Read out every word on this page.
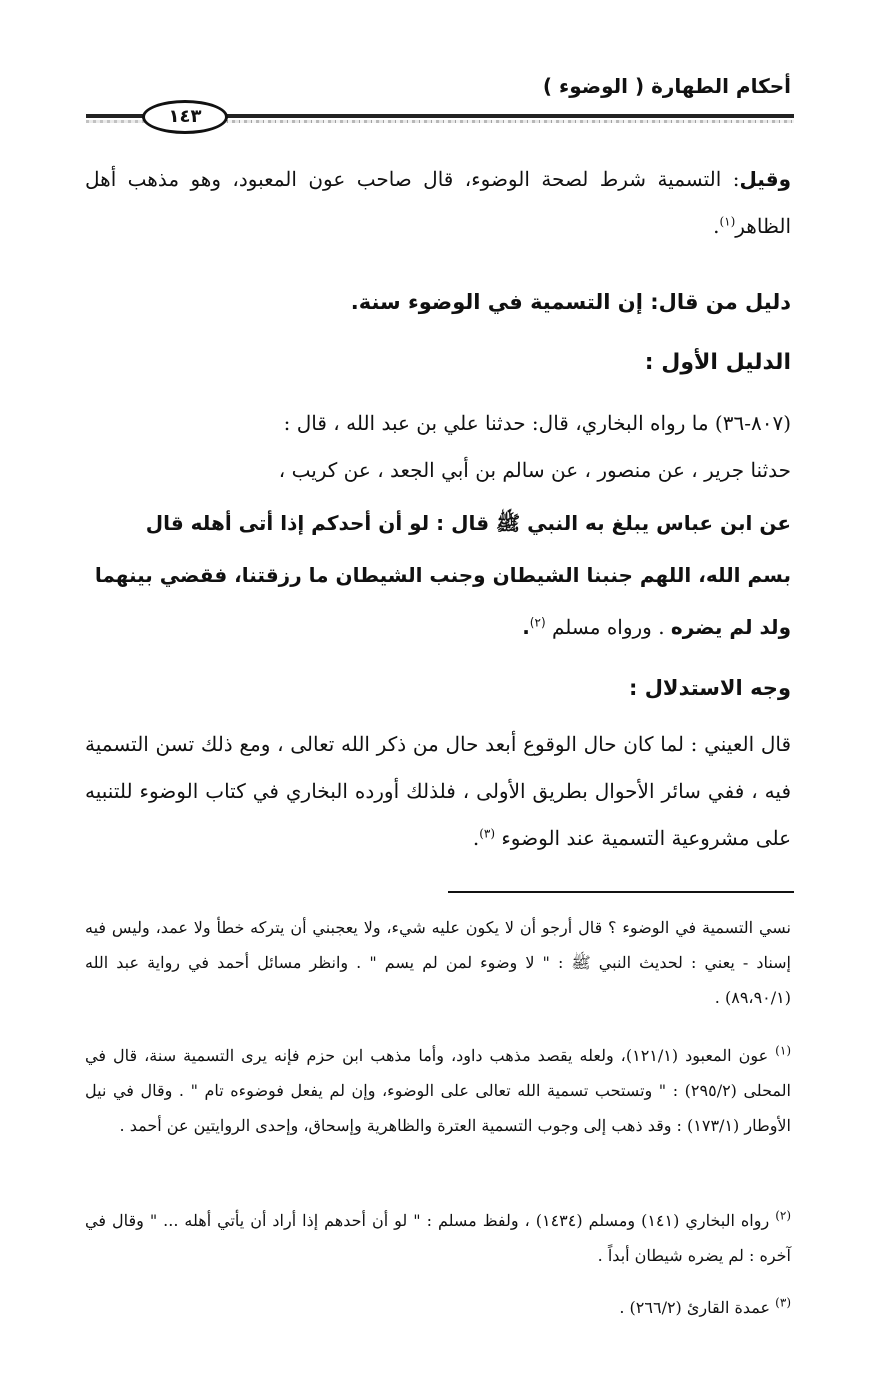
أحكام الطهارة ( الوضوء )
١٤٣
وقيل: التسمية شرط لصحة الوضوء، قال صاحب عون المعبود، وهو مذهب أهل الظاهر$^{(١)}$.
دليل من قال: إن التسمية في الوضوء سنة.
الدليل الأول :
(٨٠٧-٣٦) ما رواه البخاري، قال: حدثنا علي بن عبد الله ، قال :
حدثنا جرير ، عن منصور ، عن سالم بن أبي الجعد ، عن كريب ،
عن ابن عباس يبلغ به النبي ﷺ قال : لو أن أحدكم إذا أتى أهله قال
بسم الله، اللهم جنبنا الشيطان وجنب الشيطان ما رزقتنا، فقضي بينهما
ولد لم يضره . ورواه مسلم $^{(٢)}$.
وجه الاستدلال :
قال العيني : لما كان حال الوقوع أبعد حال من ذكر الله تعالى ، ومع ذلك تسن التسمية فيه ، ففي سائر الأحوال بطريق الأولى ، فلذلك أورده البخاري في كتاب الوضوء للتنبيه على مشروعية التسمية عند الوضوء $^{(٣)}$.
نسي التسمية في الوضوء ؟ قال أرجو أن لا يكون عليه شيء، ولا يعجبني أن يتركه خطأ ولا عمد، وليس فيه إسناد - يعني : لحديث النبي ﷺ : " لا وضوء لمن لم يسم " . وانظر مسائل أحمد في رواية عبد الله (٨٩،٩٠/١) .
$^{(١)}$ عون المعبود (١٢١/١)، ولعله يقصد مذهب داود، وأما مذهب ابن حزم فإنه يرى التسمية سنة، قال في المحلى (٢٩٥/٢) : " وتستحب تسمية الله تعالى على الوضوء، وإن لم يفعل فوضوءه تام " . وقال في نيل الأوطار (١٧٣/١) : وقد ذهب إلى وجوب التسمية العترة والظاهرية وإسحاق، وإحدى الروايتين عن أحمد .
$^{(٢)}$ رواه البخاري (١٤١) ومسلم (١٤٣٤) ، ولفظ مسلم : " لو أن أحدهم إذا أراد أن يأتي أهله ... " وقال في آخره : لم يضره شيطان أبداً .
$^{(٣)}$ عمدة القارئ (٢٦٦/٢) .
